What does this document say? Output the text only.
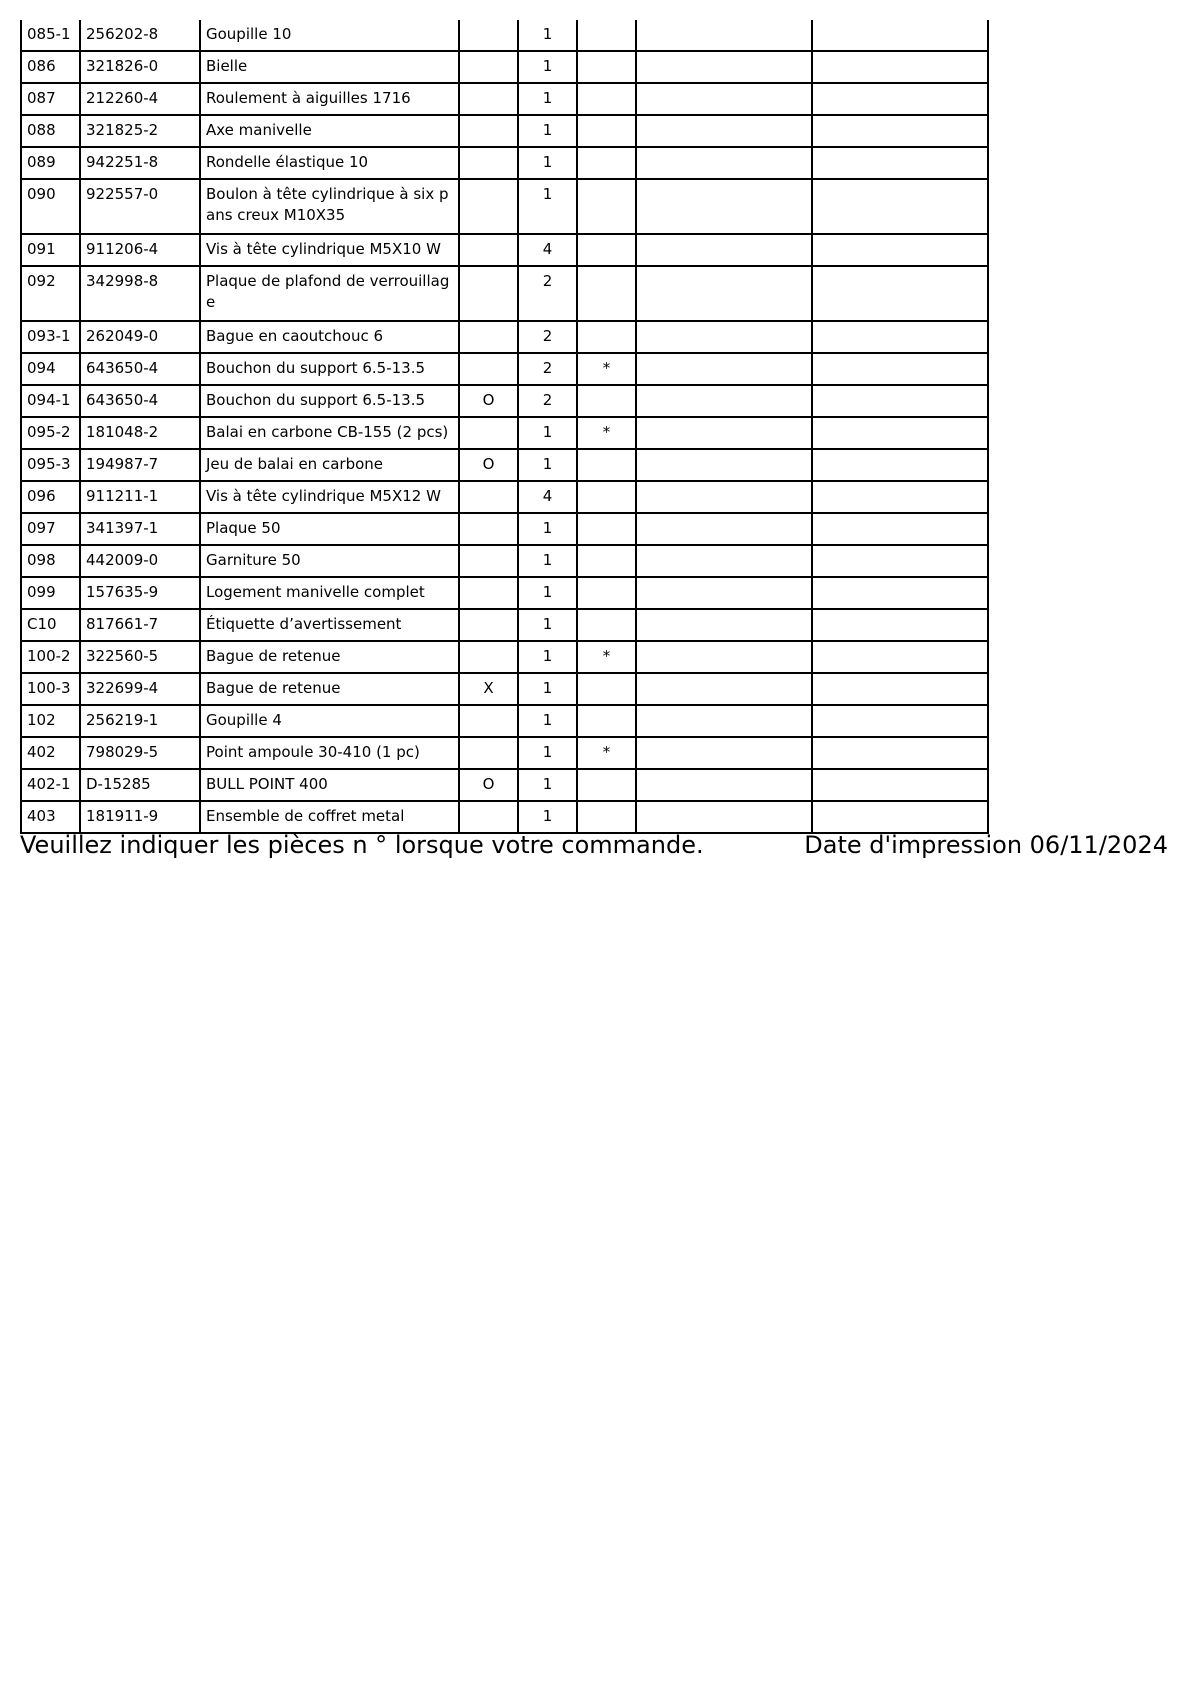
085-1	256202-8	Goupille 10		1			
086	321826-0	Bielle		1			
087	212260-4	Roulement à aiguilles 1716		1			
088	321825-2	Axe manivelle		1			
089	942251-8	Rondelle élastique 10		1			
090	922557-0	Boulon à tête cylindrique à six pans creux M10X35		1			
091	911206-4	Vis à tête cylindrique M5X10 W		4			
092	342998-8	Plaque de plafond de verrouillage		2			
093-1	262049-0	Bague en caoutchouc 6		2			
094	643650-4	Bouchon du support 6.5-13.5		2	*		
094-1	643650-4	Bouchon du support 6.5-13.5	O	2			
095-2	181048-2	Balai en carbone CB-155 (2 pcs)		1	*		
095-3	194987-7	Jeu de balai en carbone	O	1			
096	911211-1	Vis à tête cylindrique M5X12 W		4			
097	341397-1	Plaque 50		1			
098	442009-0	Garniture 50		1			
099	157635-9	Logement manivelle complet		1			
C10	817661-7	Étiquette d’avertissement		1			
100-2	322560-5	Bague de retenue		1	*		
100-3	322699-4	Bague de retenue	X	1			
102	256219-1	Goupille 4		1			
402	798029-5	Point ampoule 30-410 (1 pc)		1	*		
402-1	D-15285	BULL POINT 400	O	1			
403	181911-9	Ensemble de coffret metal		1			
Veuillez indiquer les pièces n ° lorsque votre commande.	Date d'impression 06/11/2024
